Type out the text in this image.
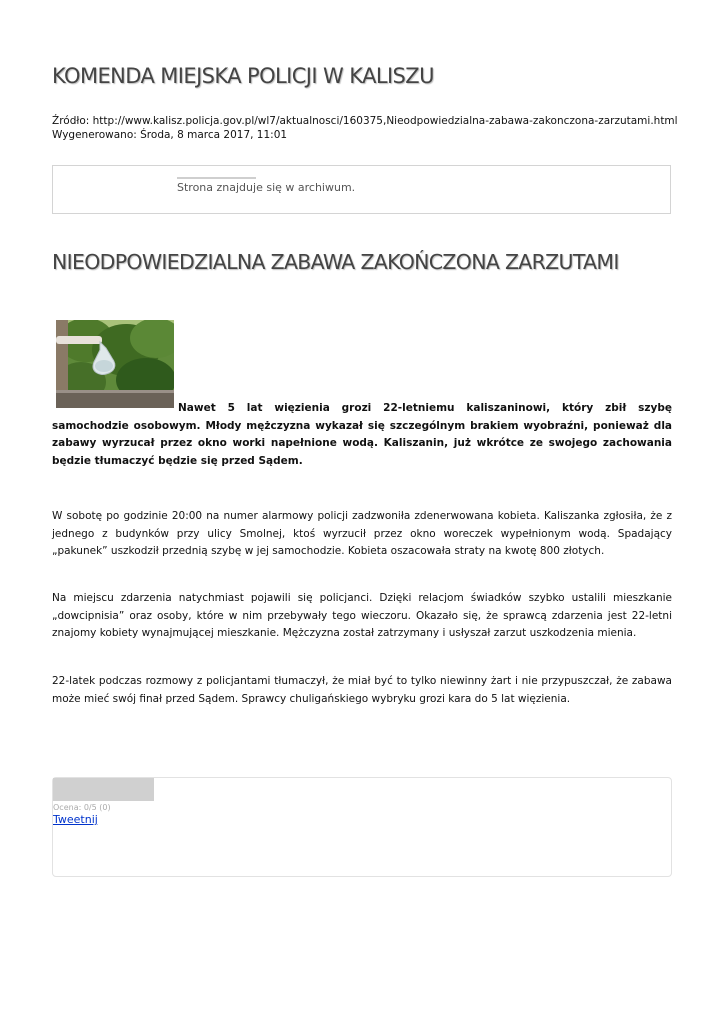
KOMENDA MIEJSKA POLICJI W KALISZU
Źródło: http://www.kalisz.policja.gov.pl/wl7/aktualnosci/160375,Nieodpowiedzialna-zabawa-zakonczona-zarzutami.html
Wygenerowano: Środa, 8 marca 2017, 11:01
Strona znajduje się w archiwum.
NIEODPOWIEDZIALNA ZABAWA ZAKOŃCZONA ZARZUTAMI

Nawet 5 lat więzienia grozi 22-letniemu kaliszaninowi, który zbił szybę samochodzie osobowym. Młody mężczyzna wykazał się szczególnym brakiem wyobraźni, ponieważ dla zabawy wyrzucał przez okno worki napełnione wodą. Kaliszanin, już wkrótce ze swojego zachowania będzie tłumaczyć będzie się przed Sądem.

W sobotę po godzinie 20:00 na numer alarmowy policji zadzwoniła zdenerwowana kobieta. Kaliszanka zgłosiła, że z jednego z budynków przy ulicy Smolnej, ktoś wyrzucił przez okno woreczek wypełnionym wodą. Spadający „pakunek” uszkodził przednią szybę w jej samochodzie. Kobieta oszacowała straty na kwotę 800 złotych.

Na miejscu zdarzenia natychmiast pojawili się policjanci. Dzięki relacjom świadków szybko ustalili mieszkanie „dowcipnisia” oraz osoby, które w nim przebywały tego wieczoru. Okazało się, że sprawcą zdarzenia jest 22-letni znajomy kobiety wynajmującej mieszkanie. Mężczyzna został zatrzymany i usłyszał zarzut uszkodzenia mienia.

22-latek podczas rozmowy z policjantami tłumaczył, że miał być to tylko niewinny żart i nie przypuszczał, że zabawa może mieć swój finał przed Sądem. Sprawcy chuligańskiego wybryku grozi kara do 5 lat więzienia.

Ocena: 0/5 (0)
Tweetnij
